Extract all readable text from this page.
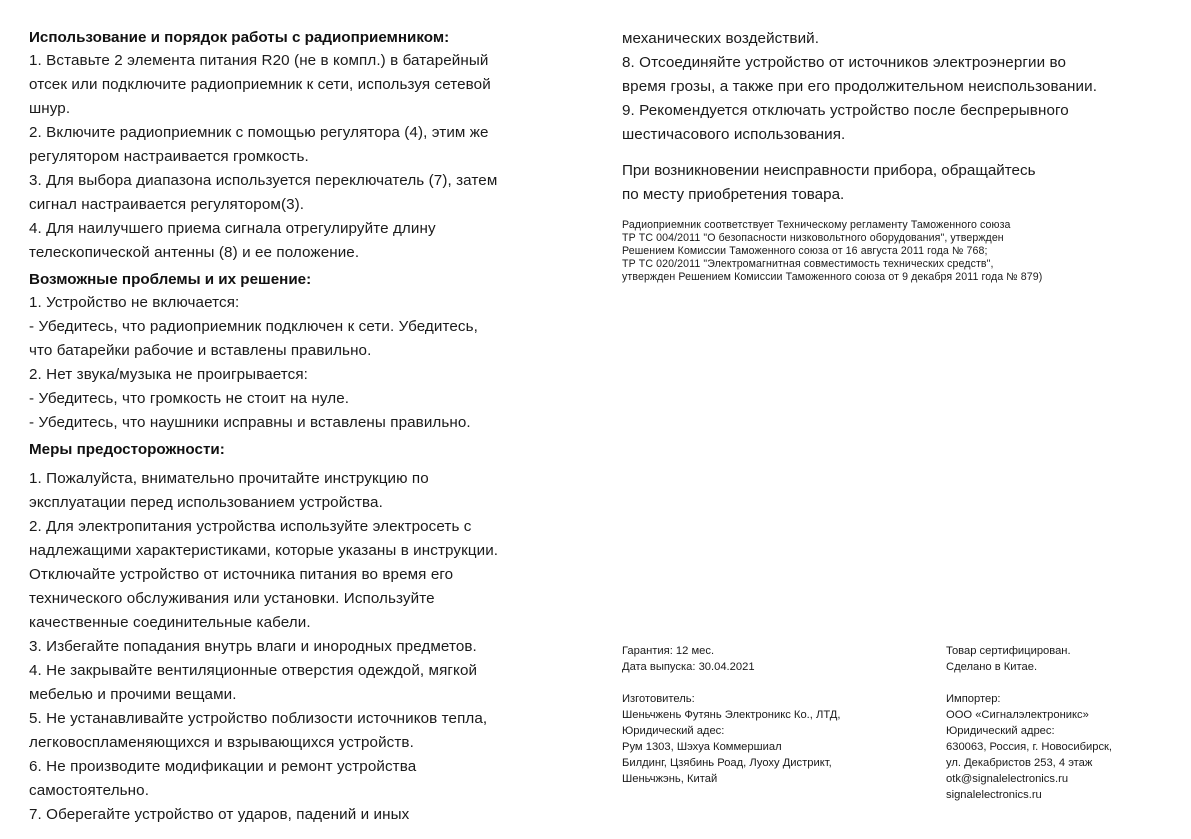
Использование и порядок работы с радиоприемником:
1. Вставьте 2 элемента питания R20 (не в компл.) в батарейный
отсек или подключите радиоприемник к сети, используя сетевой
шнур.
2. Включите радиоприемник с помощью регулятора (4), этим же
регулятором настраивается громкость.
3. Для выбора диапазона используется переключатель (7), затем
сигнал настраивается регулятором(3).
4. Для наилучшего приема сигнала отрегулируйте длину
телескопической антенны (8) и ее положение.
Возможные проблемы и их решение:
1. Устройство не включается:
- Убедитесь, что радиоприемник подключен к сети. Убедитесь,
что батарейки рабочие и вставлены правильно.
2. Нет звука/музыка не проигрывается:
- Убедитесь, что громкость не стоит на нуле.
- Убедитесь, что наушники исправны и вставлены правильно.
Меры предосторожности:
1. Пожалуйста, внимательно прочитайте инструкцию по
эксплуатации перед использованием устройства.
2. Для электропитания устройства используйте электросеть с
надлежащими характеристиками, которые указаны в инструкции.
Отключайте устройство от источника питания во время его
технического обслуживания или установки. Используйте
качественные соединительные кабели.
3. Избегайте попадания внутрь влаги и инородных предметов.
4. Не закрывайте вентиляционные отверстия одеждой, мягкой
мебелью и прочими вещами.
5. Не устанавливайте устройство поблизости источников тепла,
легковоспламеняющихся и взрывающихся устройств.
6. Не производите модификации и ремонт устройства
самостоятельно.
7. Оберегайте устройство от ударов, падений и иных
механических воздействий.
8. Отсоединяйте устройство от источников электроэнергии во
время грозы, а также при его продолжительном неиспользовании.
9. Рекомендуется отключать устройство после беспрерывного
шестичасового использования.
При возникновении неисправности прибора, обращайтесь
по месту приобретения товара.
Радиоприемник соответствует Техническому регламенту Таможенного союза
ТР ТС 004/2011 "О безопасности низковольтного оборудования", утвержден
Решением Комиссии Таможенного союза от 16 августа 2011 года № 768;
ТР ТС 020/2011 "Электромагнитная совместимость технических средств",
утвержден Решением Комиссии Таможенного союза от 9 декабря 2011 года № 879)
Гарантия: 12 мес.
Дата выпуска: 30.04.2021
Изготовитель:
Шеньчжень Футянь Электроникс Ко., ЛТД,
Юридический адес:
Рум 1303, Шэхуа Коммершиал
Билдинг, Цзябинь Роад, Луоху Дистрикт,
Шеньчжэнь, Китай
Товар сертифицирован.
Сделано в Китае.
Импортер:
ООО «Сигналэлектроникс»
Юридический адрес:
630063, Россия, г. Новосибирск,
ул. Декабристов 253, 4 этаж
otk@signalelectronics.ru
signalelectronics.ru
